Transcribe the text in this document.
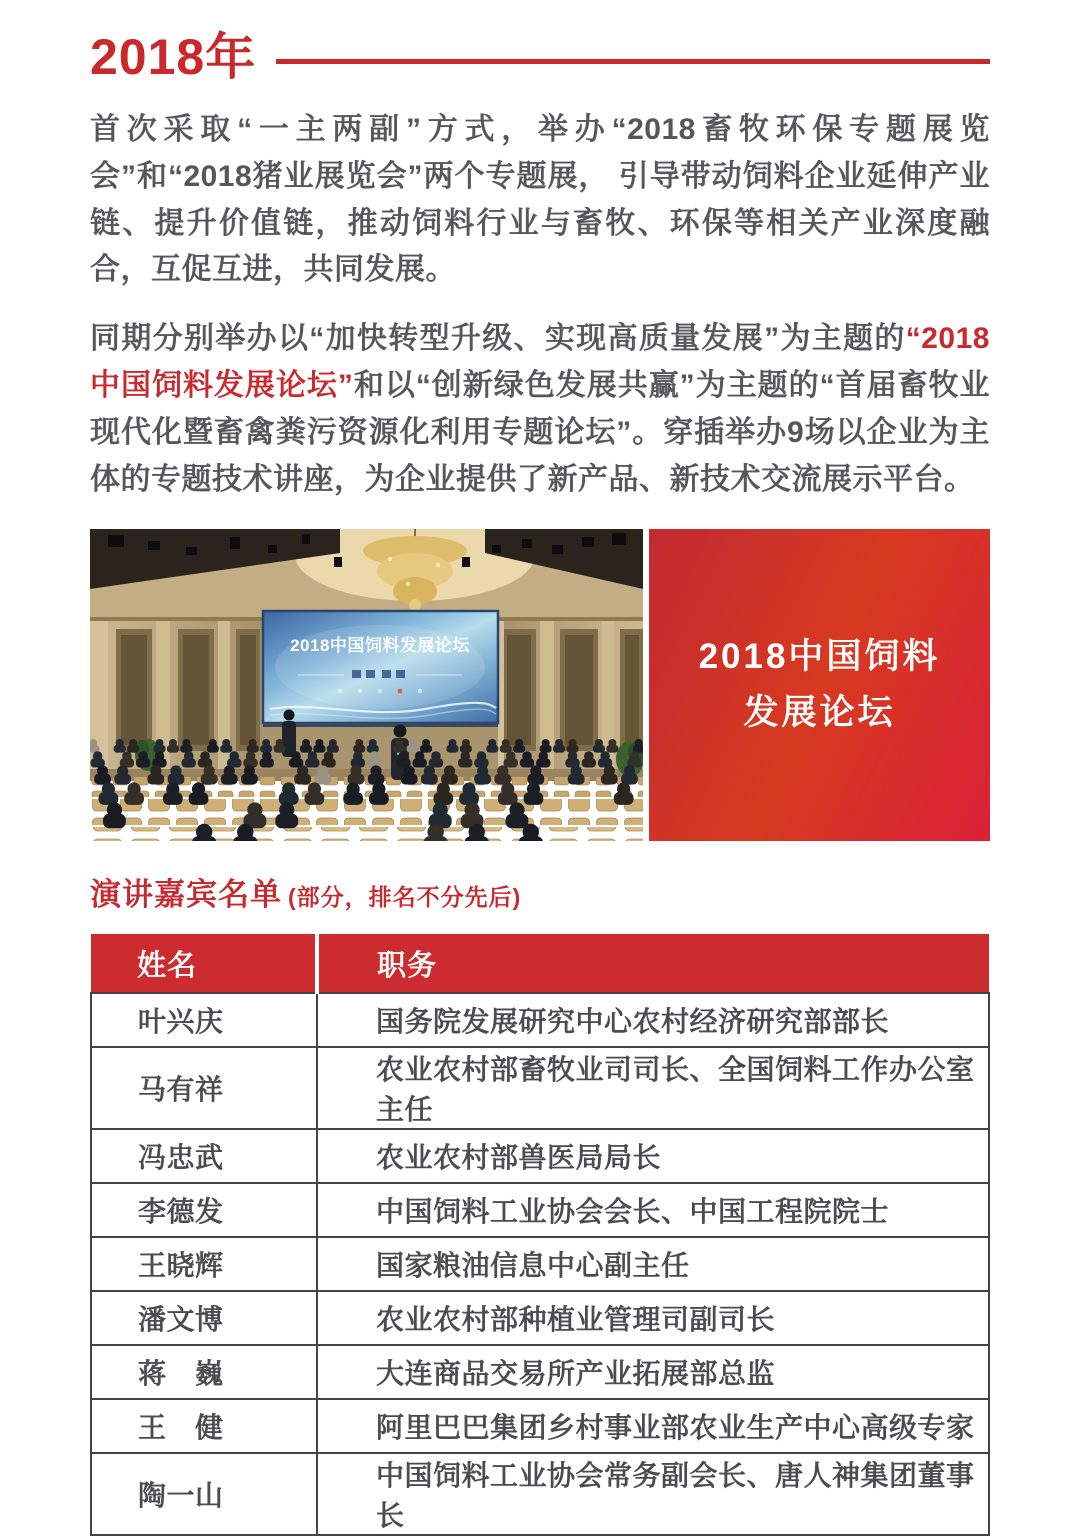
2018年

首次采取“一主两副”方式，举办“2018畜牧环保专题展览会”和“2018猪业展览会”两个专题展， 引导带动饲料企业延伸产业链、提升价值链，推动饲料行业与畜牧、环保等相关产业深度融合，互促互进，共同发展。

同期分别举办以“加快转型升级、实现高质量发展”为主题的“2018中国饲料发展论坛”和以“创新绿色发展共赢”为主题的“首届畜牧业现代化暨畜禽粪污资源化利用专题论坛”。穿插举办9场以企业为主体的专题技术讲座，为企业提供了新产品、新技术交流展示平台。

2018中国饲料发展论坛	2018中国饲料
发展论坛
演讲嘉宾名单 (部分，排名不分先后)
姓名	职务
叶兴庆	国务院发展研究中心农村经济研究部部长
马有祥	农业农村部畜牧业司司长、全国饲料工作办公室主任
冯忠武	农业农村部兽医局局长
李德发	中国饲料工业协会会长、中国工程院院士
王晓辉	国家粮油信息中心副主任
潘文博	农业农村部种植业管理司副司长
蒋　巍	大连商品交易所产业拓展部总监
王　健	阿里巴巴集团乡村事业部农业生产中心高级专家
陶一山	中国饲料工业协会常务副会长、唐人神集团董事长
